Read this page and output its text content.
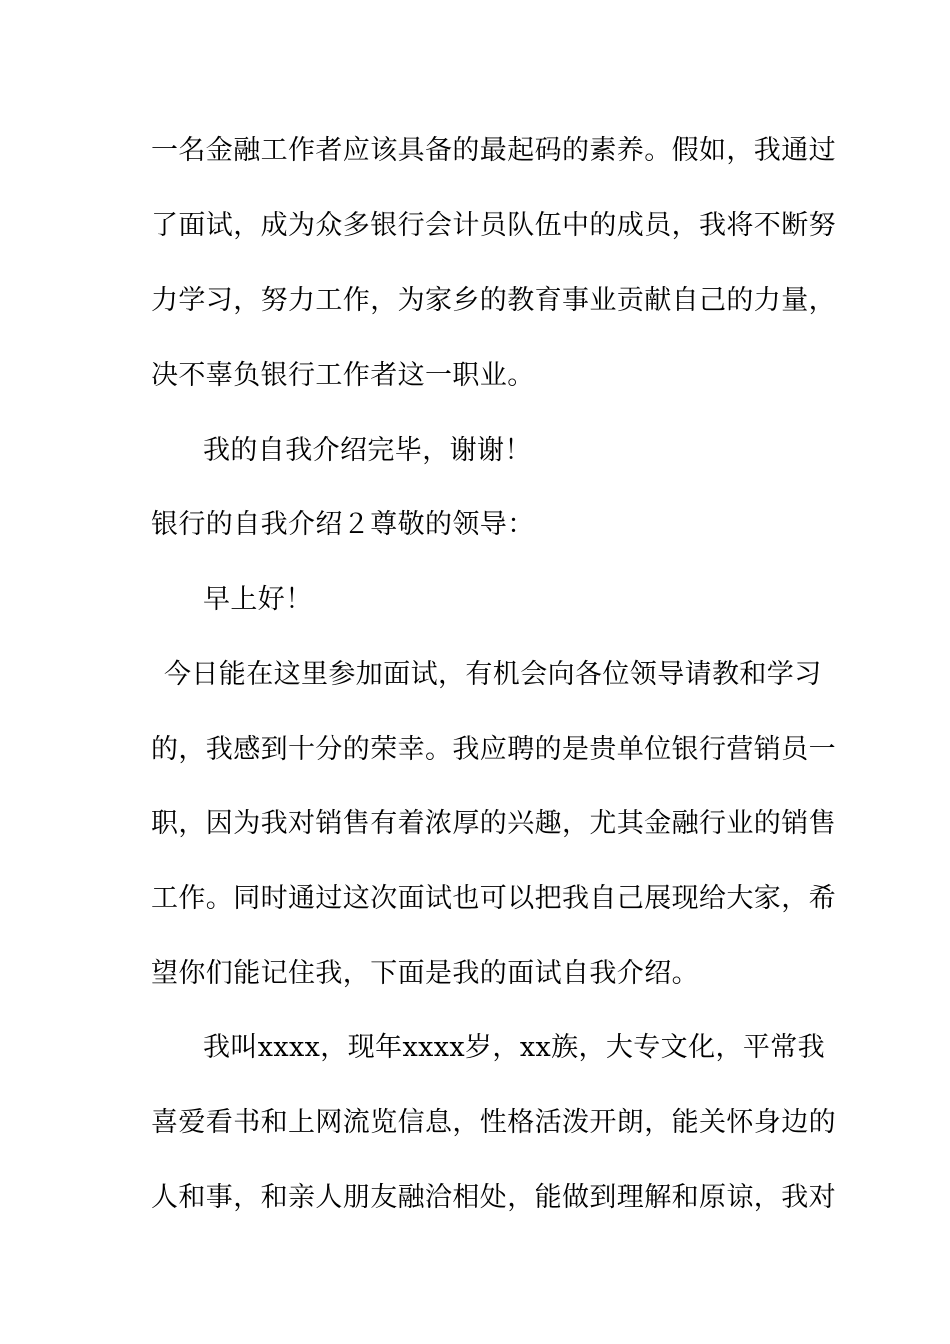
一名金融工作者应该具备的最起码的素养。假如，我通过
了面试，成为众多银行会计员队伍中的成员，我将不断努
力学习，努力工作，为家乡的教育事业贡献自己的力量，
决不辜负银行工作者这一职业。
我的自我介绍完毕，谢谢！
银行的自我介绍２尊敬的领导：
早上好！
今日能在这里参加面试，有机会向各位领导请教和学习
的，我感到十分的荣幸。我应聘的是贵单位银行营销员一
职，因为我对销售有着浓厚的兴趣，尤其金融行业的销售
工作。同时通过这次面试也可以把我自己展现给大家，希
望你们能记住我，下面是我的面试自我介绍。
我叫xxxx，现年xxxx岁，xx族，大专文化，平常我
喜爱看书和上网流览信息，性格活泼开朗，能关怀身边的
人和事，和亲人朋友融洽相处，能做到理解和原谅，我对
